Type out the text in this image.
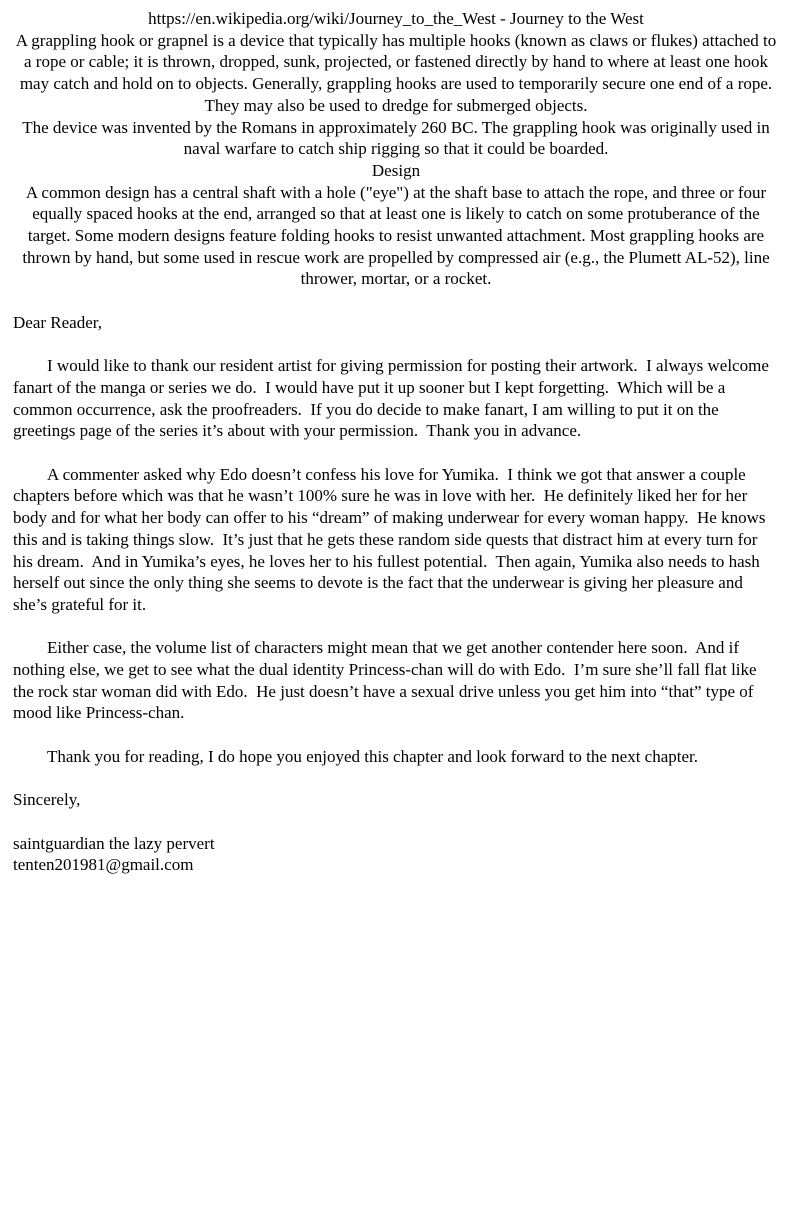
https://en.wikipedia.org/wiki/Journey_to_the_West - Journey to the West

A grappling hook or grapnel is a device that typically has multiple hooks (known as claws or flukes) attached to a rope or cable; it is thrown, dropped, sunk, projected, or fastened directly by hand to where at least one hook may catch and hold on to objects. Generally, grappling hooks are used to temporarily secure one end of a rope. They may also be used to dredge for submerged objects.

The device was invented by the Romans in approximately 260 BC. The grappling hook was originally used in naval warfare to catch ship rigging so that it could be boarded.

Design

A common design has a central shaft with a hole ("eye") at the shaft base to attach the rope, and three or four equally spaced hooks at the end, arranged so that at least one is likely to catch on some protuberance of the target. Some modern designs feature folding hooks to resist unwanted attachment. Most grappling hooks are thrown by hand, but some used in rescue work are propelled by compressed air (e.g., the Plumett AL-52), line thrower, mortar, or a rocket.

Dear Reader,

I would like to thank our resident artist for giving permission for posting their artwork.  I always welcome fanart of the manga or series we do.  I would have put it up sooner but I kept forgetting.  Which will be a common occurrence, ask the proofreaders.  If you do decide to make fanart, I am willing to put it on the greetings page of the series it’s about with your permission.  Thank you in advance.

A commenter asked why Edo doesn’t confess his love for Yumika.  I think we got that answer a couple chapters before which was that he wasn’t 100% sure he was in love with her.  He definitely liked her for her body and for what her body can offer to his “dream” of making underwear for every woman happy.  He knows this and is taking things slow.  It’s just that he gets these random side quests that distract him at every turn for his dream.  And in Yumika’s eyes, he loves her to his fullest potential.  Then again, Yumika also needs to hash herself out since the only thing she seems to devote is the fact that the underwear is giving her pleasure and she’s grateful for it.

Either case, the volume list of characters might mean that we get another contender here soon.  And if nothing else, we get to see what the dual identity Princess-chan will do with Edo.  I’m sure she’ll fall flat like the rock star woman did with Edo.  He just doesn’t have a sexual drive unless you get him into “that” type of mood like Princess-chan.

Thank you for reading, I do hope you enjoyed this chapter and look forward to the next chapter.

Sincerely,

saintguardian the lazy pervert

tenten201981@gmail.com
